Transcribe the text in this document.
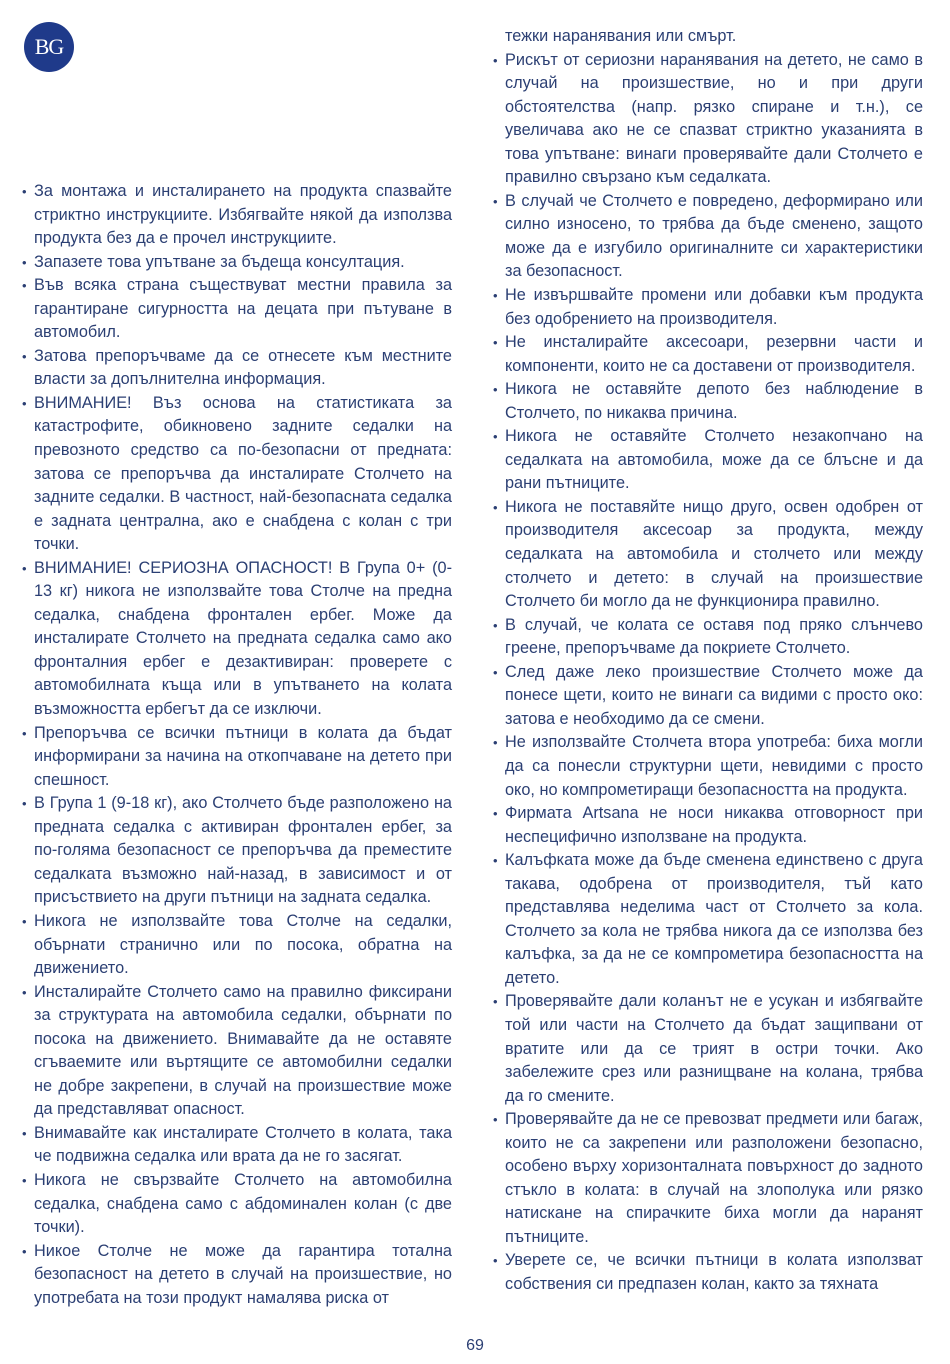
BG
• За монтажа и инсталирането на продукта спазвайте стриктно инструкциите. Избягвайте някой да използва продукта без да е прочел инструкциите.
• Запазете това упътване за бъдеща консултация.
• Във всяка страна съществуват местни правила за гарантиране сигурността на децата при пътуване в автомобил.
• Затова препоръчваме да се отнесете към местните власти за допълнителна информация.
• ВНИМАНИЕ! Въз основа на статистиката за катастрофите, обикновено задните седалки на превозното средство са по-безопасни от предната: затова се препоръчва да инсталирате Столчето на задните седалки. В частност, най-безопасната седалка е задната централна, ако е снабдена с колан с три точки.
• ВНИМАНИЕ! СЕРИОЗНА ОПАСНОСТ! В Група 0+ (0-13 кг) никога не използвайте това Столче на предна седалка, снабдена фронтален ербег. Може да инсталирате Столчето на предната седалка само ако фронталния ербег е дезактивиран: проверете с автомобилната къща или в упътването на колата възможността ербегът да се изключи.
• Препоръчва се всички пътници в колата да бъдат информирани за начина на откопчаване на детето при спешност.
• В Група 1 (9-18 кг), ако Столчето бъде разположено на предната седалка с активиран фронтален ербег, за по-голяма безопасност се препоръчва да преместите седалката възможно най-назад, в зависимост и от присъствието на други пътници на задната седалка.
• Никога не използвайте това Столче на седалки, обърнати странично или по посока, обратна на движението.
• Инсталирайте Столчето само на правилно фиксирани за структурата на автомобила седалки, обърнати по посока на движението. Внимавайте да не оставяте сгъваемите или въртящите се автомобилни седалки не добре закрепени, в случай на произшествие може да представляват опасност.
• Внимавайте как инсталирате Столчето в колата, така че подвижна седалка или врата да не го засягат.
• Никога не свързвайте Столчето на автомобилна седалка, снабдена само с абдоминален колан (с две точки).
• Никое Столче не може да гарантира тотална безопасност на детето в случай на произшествие, но употребата на този продукт намалява риска от
тежки наранявания или смърт.
• Рискът от сериозни наранявания на детето, не само в случай на произшествие, но и при други обстоятелства (напр. рязко спиране и т.н.), се увеличава ако не се спазват стриктно указанията в това упътване: винаги проверявайте дали Столчето е правилно свързано към седалката.
• В случай че Столчето е повредено, деформирано или силно износено, то трябва да бъде сменено, защото може да е изгубило оригиналните си характеристики за безопасност.
• Не извършвайте промени или добавки към продукта без одобрението на производителя.
• Не инсталирайте аксесоари, резервни части и компоненти, които не са доставени от производителя.
• Никога не оставяйте депото без наблюдение в Столчето, по никаква причина.
• Никога не оставяйте Столчето незакопчано на седалката на автомобила, може да се блъсне и да рани пътниците.
• Никога не поставяйте нищо друго, освен одобрен от производителя аксесоар за продукта, между седалката на автомобила и столчето или между столчето и детето: в случай на произшествие Столчето би могло да не функционира правилно.
• В случай, че колата се оставя под пряко слънчево греене, препоръчваме да покриете Столчето.
• След даже леко произшествие Столчето може да понесе щети, които не винаги са видими с просто око: затова е необходимо да се смени.
• Не използвайте Столчета втора употреба: биха могли да са понесли структурни щети, невидими с просто око, но компрометиращи безопасността на продукта.
• Фирмата Artsana не носи никаква отговорност при неспецифично използване на продукта.
• Калъфката може да бъде сменена единствено с друга такава, одобрена от производителя, тъй като представлява неделима част от Столчето за кола. Столчето за кола не трябва никога да се използва без калъфка, за да не се компрометира безопасността на детето.
• Проверявайте дали коланът не е усукан и избягвайте той или части на Столчето да бъдат защипвани от вратите или да се трият в остри точки. Ако забележите срез или разнищване на колана, трябва да го смените.
• Проверявайте да не се превозват предмети или багаж, които не са закрепени или разположени безопасно, особено върху хоризонталната повърхност до задното стъкло в колата: в случай на злополука или рязко натискане на спирачките биха могли да наранят пътниците.
• Уверете се, че всички пътници в колата използват собствения си предпазен колан, както за тяхната
69
